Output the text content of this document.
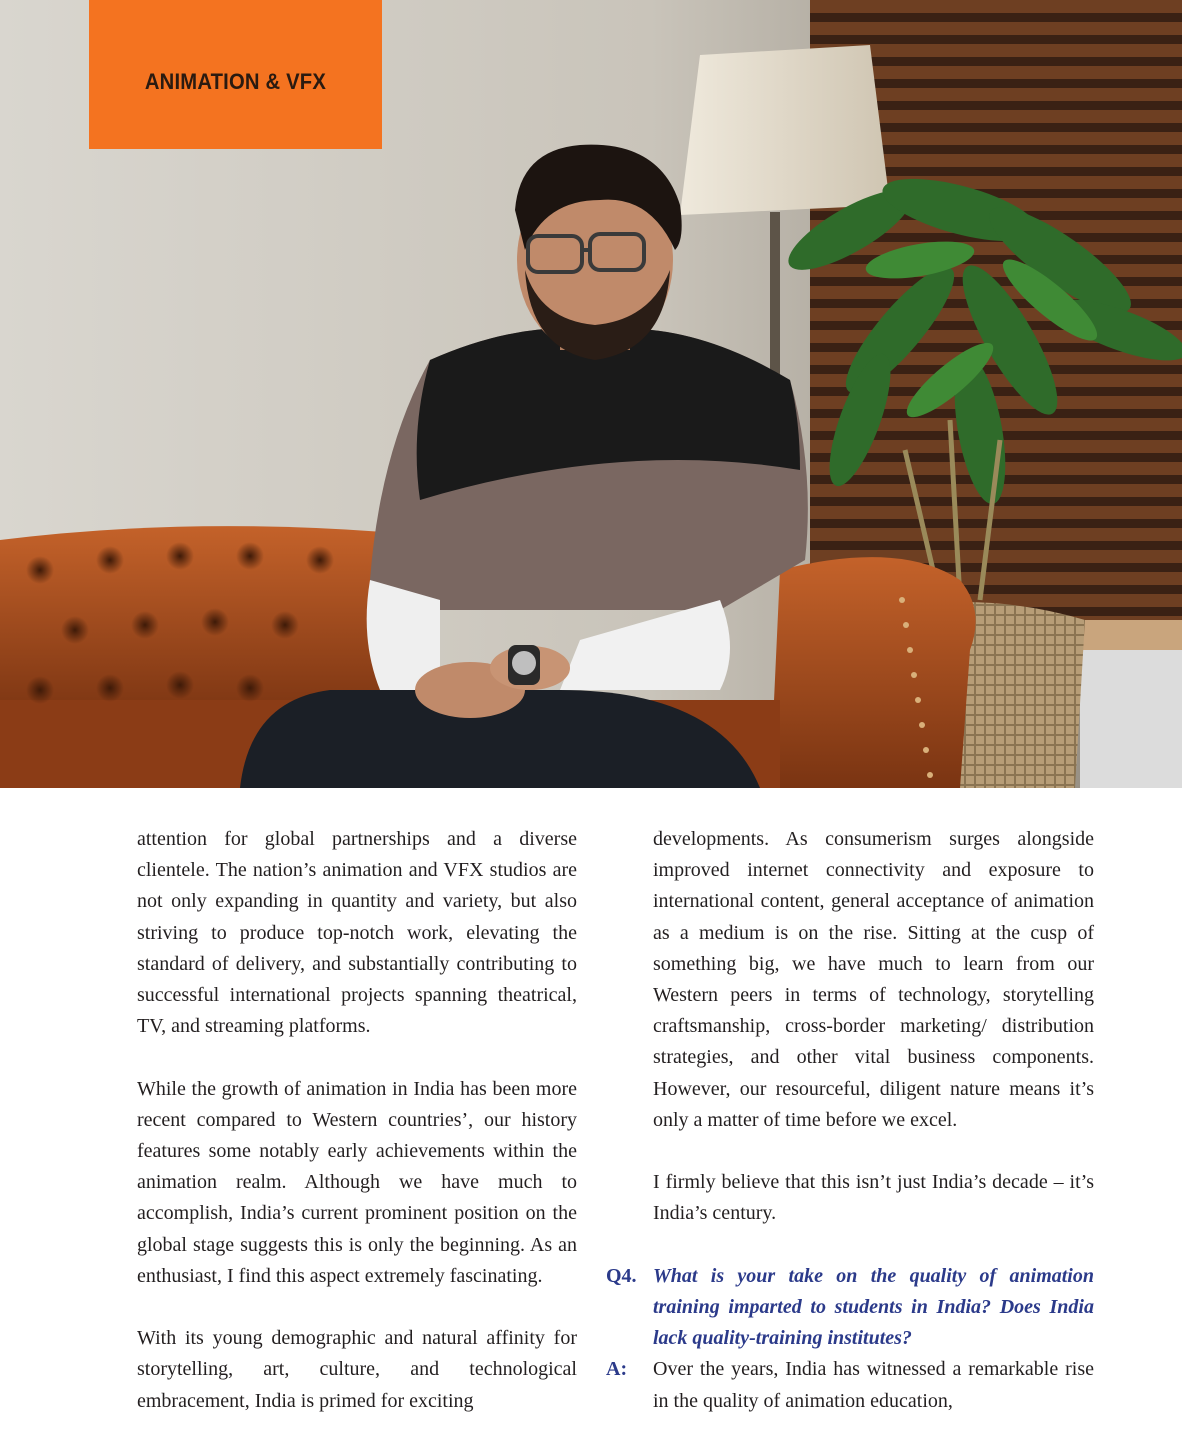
ANIMATION & VFX

attention for global partnerships and a diverse clientele. The nation’s animation and VFX studios are not only expanding in quantity and variety, but also striving to produce top-notch work, elevating the standard of delivery, and substantially contributing to successful international projects spanning theatrical, TV, and streaming platforms.

While the growth of animation in India has been more recent compared to Western countries’, our history features some notably early achievements within the animation realm. Although we have much to accomplish, India’s current prominent position on the global stage suggests this is only the beginning. As an enthusiast, I find this aspect extremely fascinating.

With its young demographic and natural affinity for storytelling, art, culture, and technological embracement, India is primed for exciting

developments. As consumerism surges alongside improved internet connectivity and exposure to international content, general acceptance of animation as a medium is on the rise. Sitting at the cusp of something big, we have much to learn from our Western peers in terms of technology, storytelling craftsmanship, cross-border marketing/ distribution strategies, and other vital business components. However, our resourceful, diligent nature means it’s only a matter of time before we excel.

I firmly believe that this isn’t just India’s decade – it’s India’s century.

Q4. What is your take on the quality of animation training imparted to students in India? Does India lack quality-training institutes?
A:	Over the years, India has witnessed a remarkable rise in the quality of animation education,
